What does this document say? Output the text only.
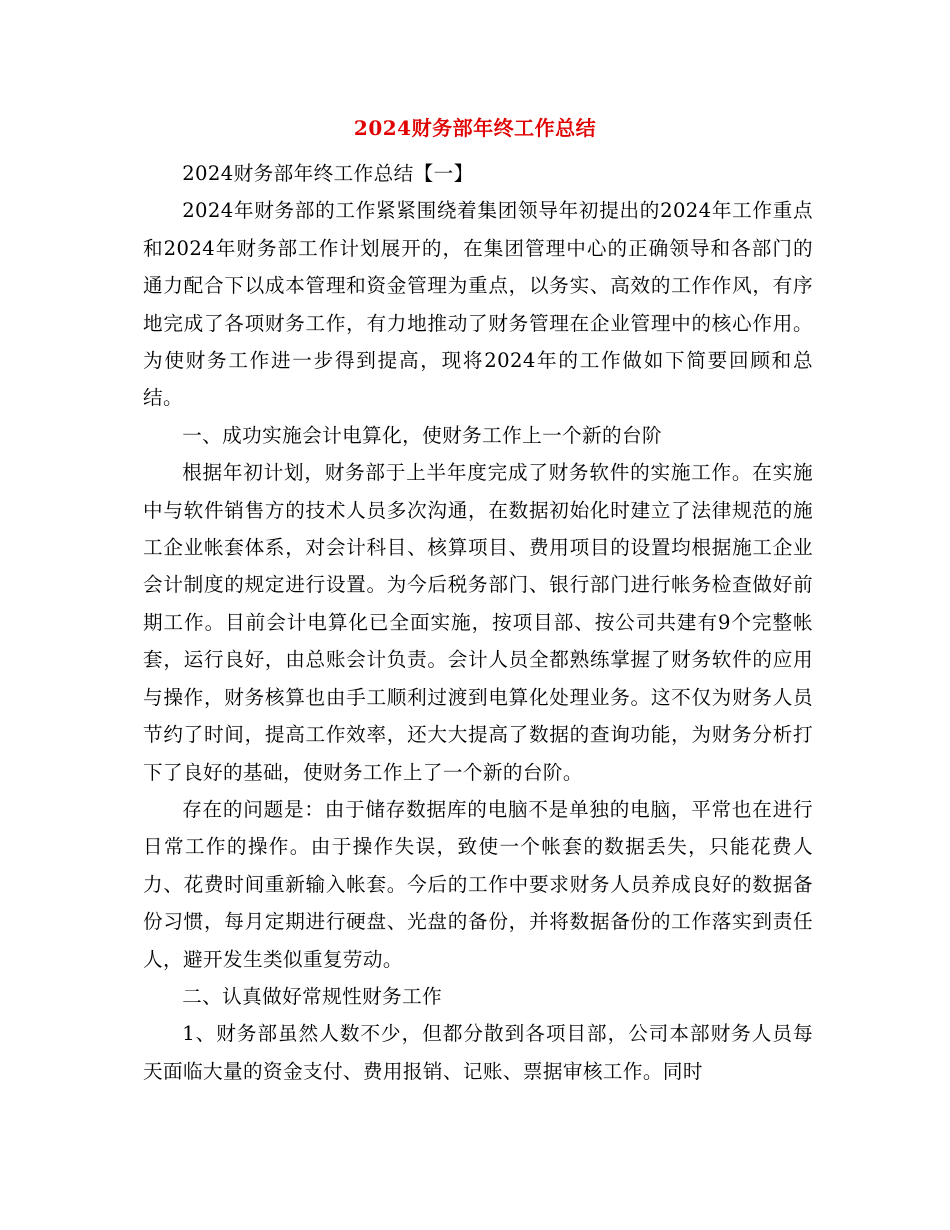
2024财务部年终工作总结

2024财务部年终工作总结【一】

2024年财务部的工作紧紧围绕着集团领导年初提出的2024年工作重点和2024年财务部工作计划展开的，在集团管理中心的正确领导和各部门的通力配合下以成本管理和资金管理为重点，以务实、高效的工作作风，有序地完成了各项财务工作，有力地推动了财务管理在企业管理中的核心作用。为使财务工作进一步得到提高，现将2024年的工作做如下简要回顾和总结。

一、成功实施会计电算化，使财务工作上一个新的台阶

根据年初计划，财务部于上半年度完成了财务软件的实施工作。在实施中与软件销售方的技术人员多次沟通，在数据初始化时建立了法律规范的施工企业帐套体系，对会计科目、核算项目、费用项目的设置均根据施工企业会计制度的规定进行设置。为今后税务部门、银行部门进行帐务检查做好前期工作。目前会计电算化已全面实施，按项目部、按公司共建有9个完整帐套，运行良好，由总账会计负责。会计人员全都熟练掌握了财务软件的应用与操作，财务核算也由手工顺利过渡到电算化处理业务。这不仅为财务人员节约了时间，提高工作效率，还大大提高了数据的查询功能，为财务分析打下了良好的基础，使财务工作上了一个新的台阶。

存在的问题是：由于储存数据库的电脑不是单独的电脑，平常也在进行日常工作的操作。由于操作失误，致使一个帐套的数据丢失，只能花费人力、花费时间重新输入帐套。今后的工作中要求财务人员养成良好的数据备份习惯，每月定期进行硬盘、光盘的备份，并将数据备份的工作落实到责任人，避开发生类似重复劳动。

二、认真做好常规性财务工作

1、财务部虽然人数不少，但都分散到各项目部，公司本部财务人员每天面临大量的资金支付、费用报销、记账、票据审核工作。同时
